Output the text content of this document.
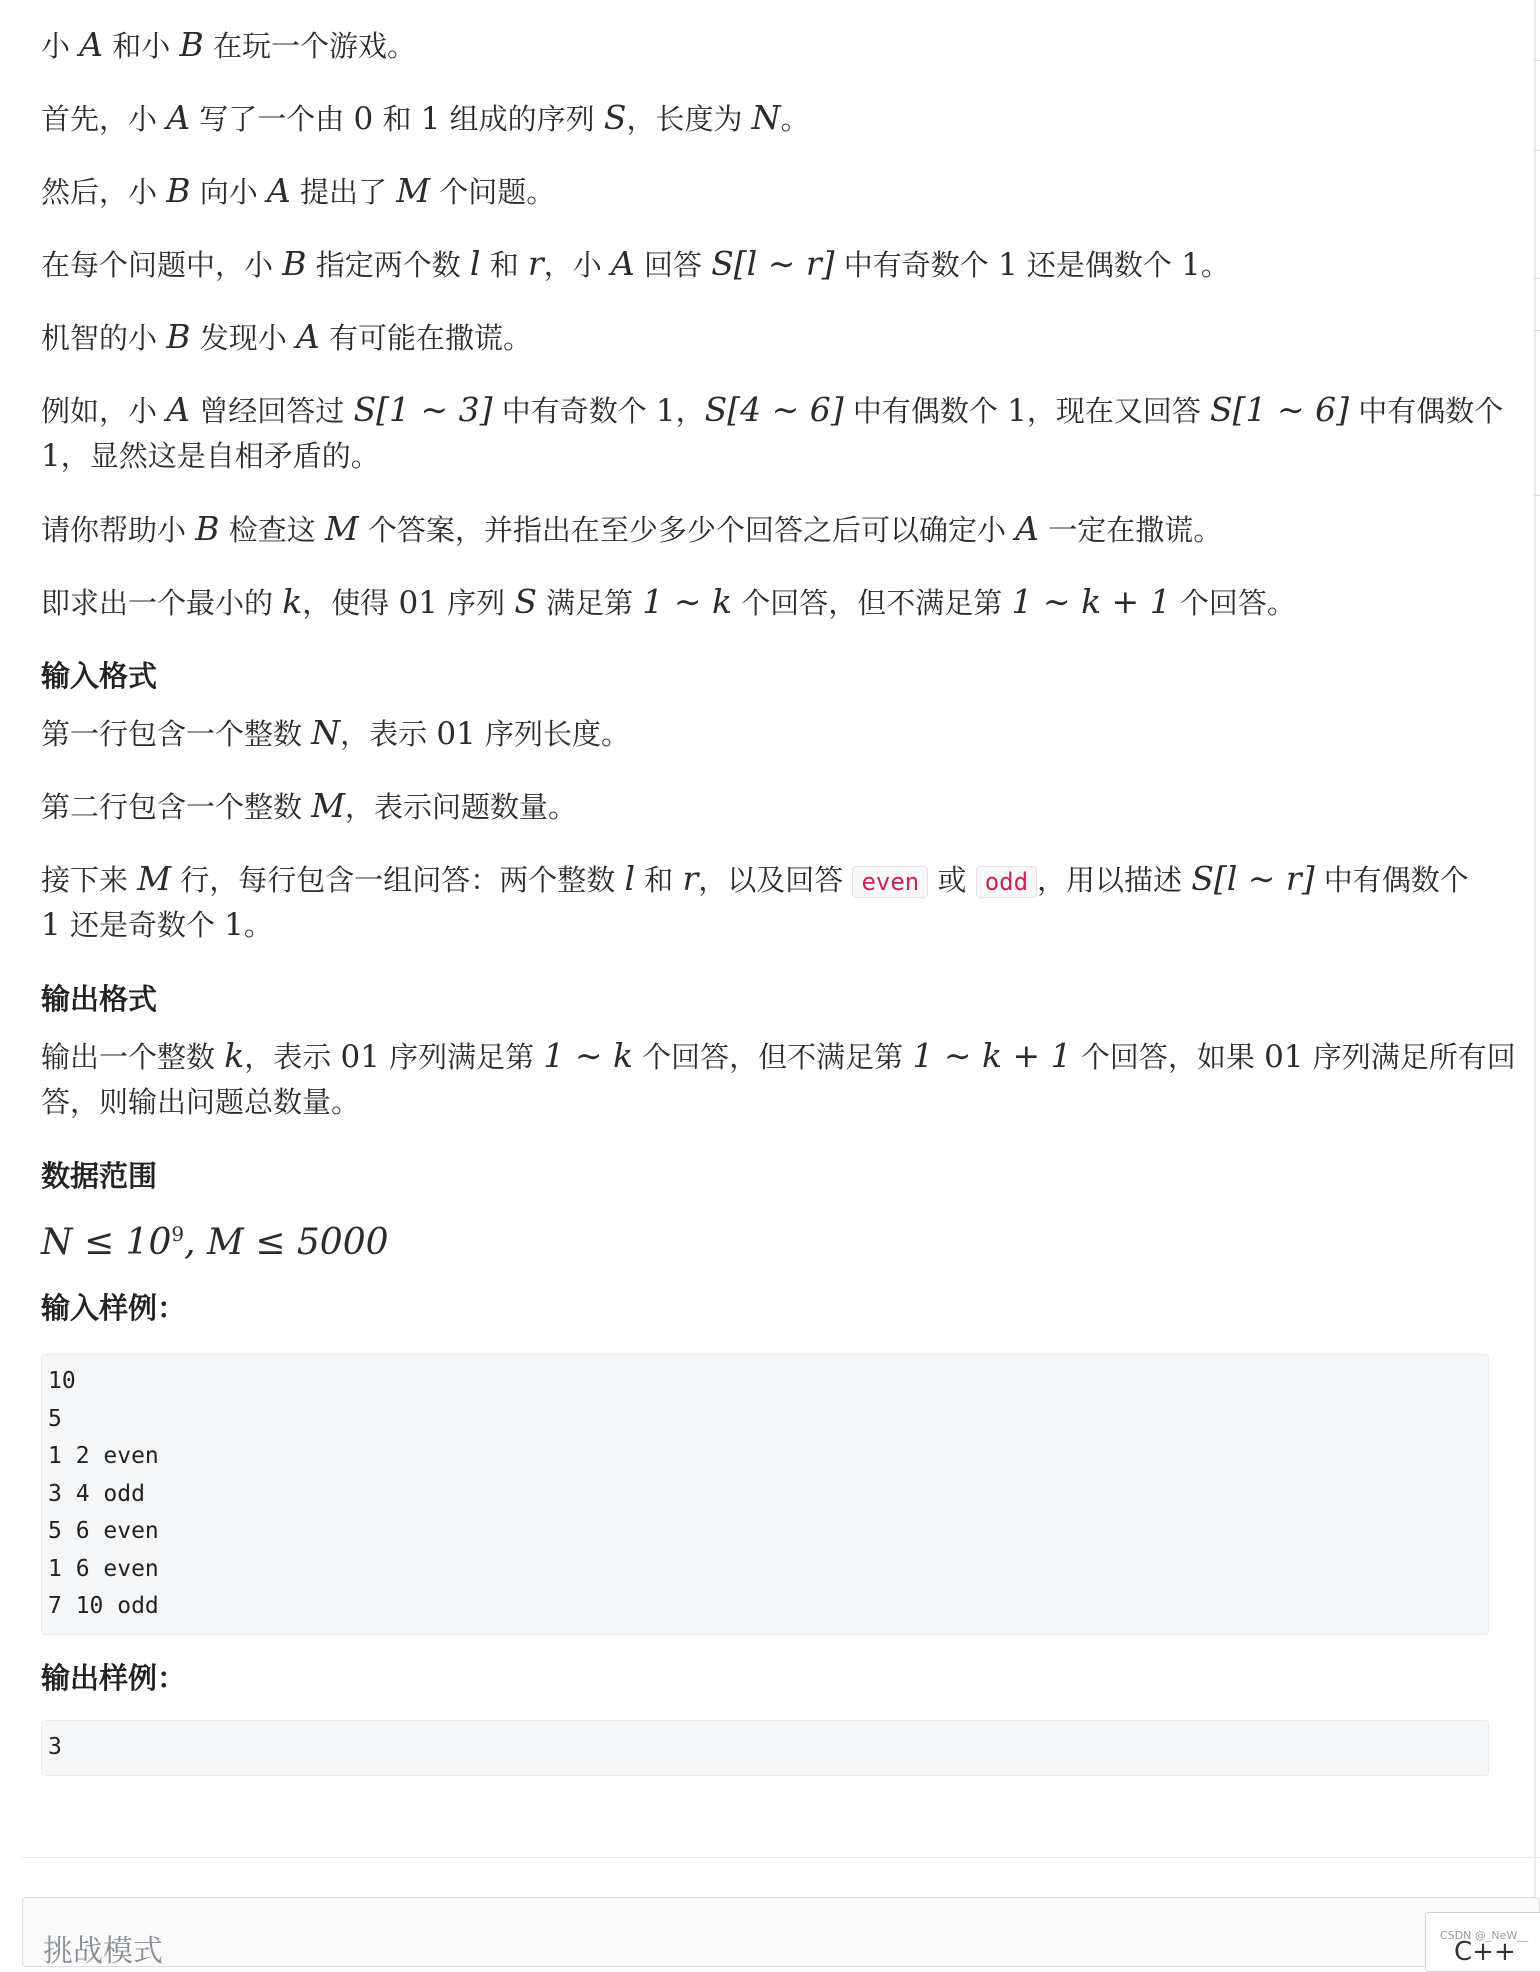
小 A 和小 B 在玩一个游戏。
首先，小 A 写了一个由 0 和 1 组成的序列 S，长度为 N。
然后，小 B 向小 A 提出了 M 个问题。
在每个问题中，小 B 指定两个数 l 和 r，小 A 回答 S[l ∼ r] 中有奇数个 1 还是偶数个 1。
机智的小 B 发现小 A 有可能在撒谎。
例如，小 A 曾经回答过 S[1 ∼ 3] 中有奇数个 1，S[4 ∼ 6] 中有偶数个 1，现在又回答 S[1 ∼ 6] 中有偶数个
1，显然这是自相矛盾的。
请你帮助小 B 检查这 M 个答案，并指出在至少多少个回答之后可以确定小 A 一定在撒谎。
即求出一个最小的 k，使得 01 序列 S 满足第 1 ∼ k 个回答，但不满足第 1 ∼ k + 1 个回答。
输入格式
第一行包含一个整数 N，表示 01 序列长度。
第二行包含一个整数 M，表示问题数量。
接下来 M 行，每行包含一组问答：两个整数 l 和 r，以及回答 even 或 odd ，用以描述 S[l ∼ r] 中有偶数个
1 还是奇数个 1。
输出格式
输出一个整数 k，表示 01 序列满足第 1 ∼ k 个回答，但不满足第 1 ∼ k + 1 个回答，如果 01 序列满足所有回
答，则输出问题总数量。
数据范围
$N \le 10^9$, M ≤ 5000
输入样例：
10
5
1 2 even
3 4 odd
5 6 even
1 6 even
7 10 odd
输出样例：
3
挑战模式	C++
CSDN @_NeW__
